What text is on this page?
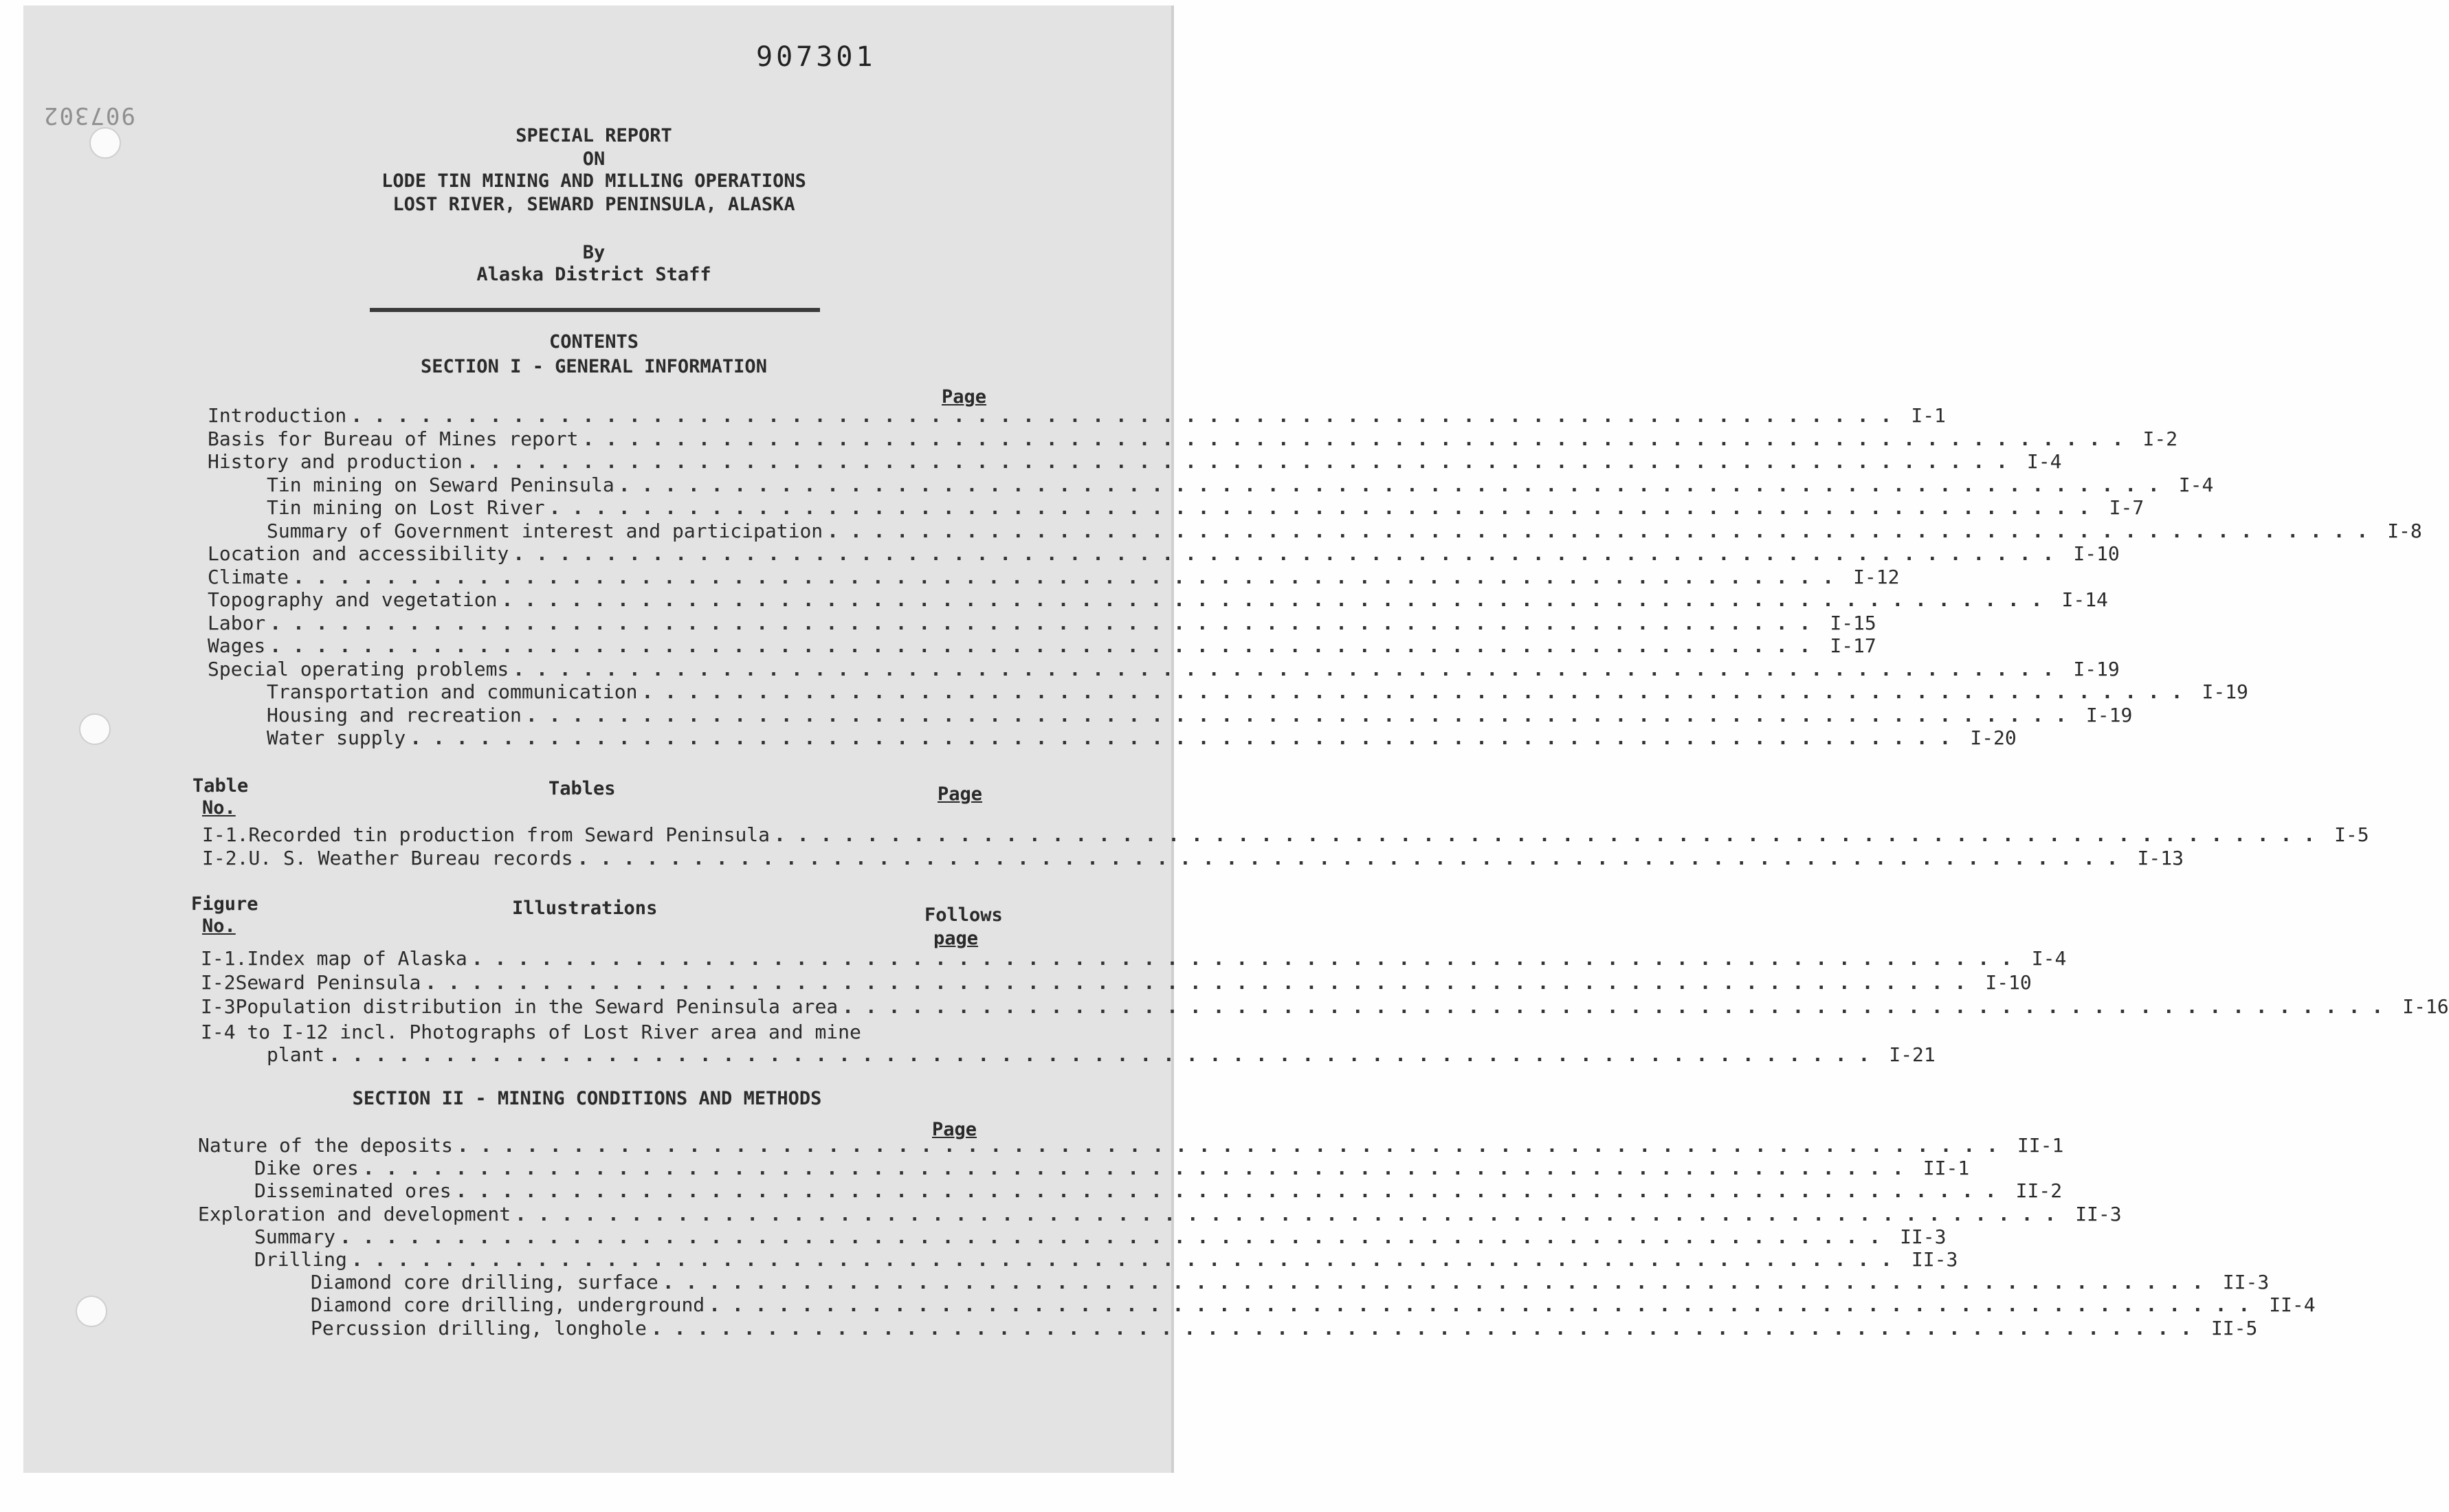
907301
907302
SPECIAL REPORT
ON
LODE TIN MINING AND MILLING OPERATIONS
LOST RIVER, SEWARD PENINSULA, ALASKA
By
Alaska District Staff
CONTENTS
SECTION I - GENERAL INFORMATION
Page
Introduction . . . . . . . . . . . . . . . . . . . . . . . . . . . . . . . . . . . . . . . . . . . . . . . . . . . . . . . . . . . . . . . . . . .	I-1
Basis for Bureau of Mines report . . . . . . . . . . . . . . . . . . . . . . . . . . . . . . . . . . . . . . . . . . . . . . . . . . . . . . . . . . . . . . . . . . .	I-2
History and production . . . . . . . . . . . . . . . . . . . . . . . . . . . . . . . . . . . . . . . . . . . . . . . . . . . . . . . . . . . . . . . . . . .	I-4
Tin mining on Seward Peninsula . . . . . . . . . . . . . . . . . . . . . . . . . . . . . . . . . . . . . . . . . . . . . . . . . . . . . . . . . . . . . . . . . . .	I-4
Tin mining on Lost River . . . . . . . . . . . . . . . . . . . . . . . . . . . . . . . . . . . . . . . . . . . . . . . . . . . . . . . . . . . . . . . . . . .	I-7
Summary of Government interest and participation . . . . . . . . . . . . . . . . . . . . . . . . . . . . . . . . . . . . . . . . . . . . . . . . . . . . . . . . . . . . . . . . . . .	I-8
Location and accessibility . . . . . . . . . . . . . . . . . . . . . . . . . . . . . . . . . . . . . . . . . . . . . . . . . . . . . . . . . . . . . . . . . . .	I-10
Climate . . . . . . . . . . . . . . . . . . . . . . . . . . . . . . . . . . . . . . . . . . . . . . . . . . . . . . . . . . . . . . . . . . .	I-12
Topography and vegetation . . . . . . . . . . . . . . . . . . . . . . . . . . . . . . . . . . . . . . . . . . . . . . . . . . . . . . . . . . . . . . . . . . .	I-14
Labor . . . . . . . . . . . . . . . . . . . . . . . . . . . . . . . . . . . . . . . . . . . . . . . . . . . . . . . . . . . . . . . . . . .	I-15
Wages . . . . . . . . . . . . . . . . . . . . . . . . . . . . . . . . . . . . . . . . . . . . . . . . . . . . . . . . . . . . . . . . . . .	I-17
Special operating problems . . . . . . . . . . . . . . . . . . . . . . . . . . . . . . . . . . . . . . . . . . . . . . . . . . . . . . . . . . . . . . . . . . .	I-19
Transportation and communication . . . . . . . . . . . . . . . . . . . . . . . . . . . . . . . . . . . . . . . . . . . . . . . . . . . . . . . . . . . . . . . . . . .	I-19
Housing and recreation . . . . . . . . . . . . . . . . . . . . . . . . . . . . . . . . . . . . . . . . . . . . . . . . . . . . . . . . . . . . . . . . . . .	I-19
Water supply . . . . . . . . . . . . . . . . . . . . . . . . . . . . . . . . . . . . . . . . . . . . . . . . . . . . . . . . . . . . . . . . . . .	I-20
Table
No.
Tables	Page
I-1. Recorded tin production from Seward Peninsula . . . . . . . . . . . . . . . . . . . . . . . . . . . . . . . . . . . . . . . . . . . . . . . . . . . . . . . . . . . . . . . . . . .	I-5
I-2. U. S. Weather Bureau records . . . . . . . . . . . . . . . . . . . . . . . . . . . . . . . . . . . . . . . . . . . . . . . . . . . . . . . . . . . . . . . . . . .	I-13
Figure
No.
Illustrations	Follows
page
I-1. Index map of Alaska . . . . . . . . . . . . . . . . . . . . . . . . . . . . . . . . . . . . . . . . . . . . . . . . . . . . . . . . . . . . . . . . . . .	I-4
I-2 Seward Peninsula . . . . . . . . . . . . . . . . . . . . . . . . . . . . . . . . . . . . . . . . . . . . . . . . . . . . . . . . . . . . . . . . . . .	I-10
I-3 Population distribution in the Seward Peninsula area . . . . . . . . . . . . . . . . . . . . . . . . . . . . . . . . . . . . . . . . . . . . . . . . . . . . . . . . . . . . . . . . . . .	I-16
I-4 to I-12 incl. Photographs of Lost River area and mine
plant . . . . . . . . . . . . . . . . . . . . . . . . . . . . . . . . . . . . . . . . . . . . . . . . . . . . . . . . . . . . . . . . . . .	I-21
SECTION II - MINING CONDITIONS AND METHODS
Page
Nature of the deposits . . . . . . . . . . . . . . . . . . . . . . . . . . . . . . . . . . . . . . . . . . . . . . . . . . . . . . . . . . . . . . . . . . .	II-1
Dike ores . . . . . . . . . . . . . . . . . . . . . . . . . . . . . . . . . . . . . . . . . . . . . . . . . . . . . . . . . . . . . . . . . . .	II-1
Disseminated ores . . . . . . . . . . . . . . . . . . . . . . . . . . . . . . . . . . . . . . . . . . . . . . . . . . . . . . . . . . . . . . . . . . .	II-2
Exploration and development . . . . . . . . . . . . . . . . . . . . . . . . . . . . . . . . . . . . . . . . . . . . . . . . . . . . . . . . . . . . . . . . . . .	II-3
Summary . . . . . . . . . . . . . . . . . . . . . . . . . . . . . . . . . . . . . . . . . . . . . . . . . . . . . . . . . . . . . . . . . . .	II-3
Drilling . . . . . . . . . . . . . . . . . . . . . . . . . . . . . . . . . . . . . . . . . . . . . . . . . . . . . . . . . . . . . . . . . . .	II-3
Diamond core drilling, surface . . . . . . . . . . . . . . . . . . . . . . . . . . . . . . . . . . . . . . . . . . . . . . . . . . . . . . . . . . . . . . . . . . .	II-3
Diamond core drilling, underground . . . . . . . . . . . . . . . . . . . . . . . . . . . . . . . . . . . . . . . . . . . . . . . . . . . . . . . . . . . . . . . . . . .	II-4
Percussion drilling, longhole . . . . . . . . . . . . . . . . . . . . . . . . . . . . . . . . . . . . . . . . . . . . . . . . . . . . . . . . . . . . . . . . . . .	II-5
